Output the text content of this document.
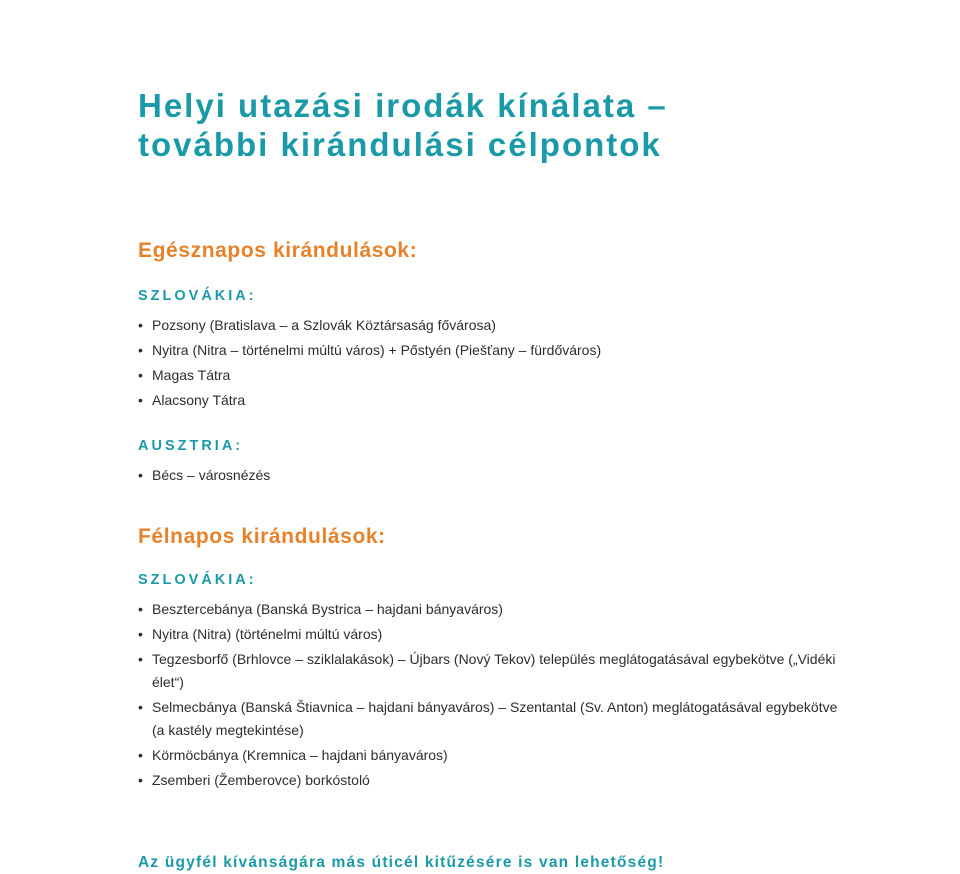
Helyi utazási irodák kínálata –
további kirándulási célpontok
Egésznapos kirándulások:
SZLOVÁKIA:
• Pozsony (Bratislava – a Szlovák Köztársaság fővárosa)
• Nyitra (Nitra – történelmi múltú város) + Pőstyén (Piešťany – fürdőváros)
• Magas Tátra
• Alacsony Tátra
AUSZTRIA:
• Bécs – városnézés
Félnapos kirándulások:
SZLOVÁKIA:
• Besztercebánya (Banská Bystrica – hajdani bányaváros)
• Nyitra (Nitra) (történelmi múltú város)
• Tegzesborfő (Brhlovce – sziklalakások) – Újbars (Nový Tekov) település meglátogatásával egybekötve („Vidéki élet“)
• Selmecbánya (Banská Štiavnica – hajdani bányaváros) – Szentantal (Sv. Anton) meglátogatásával egybekötve (a kastély megtekintése)
• Körmöcbánya (Kremnica – hajdani bányaváros)
• Zsemberi (Žemberovce) borkóstoló

Az ügyfél kívánságára más úticél kitűzésére is van lehetőség!
